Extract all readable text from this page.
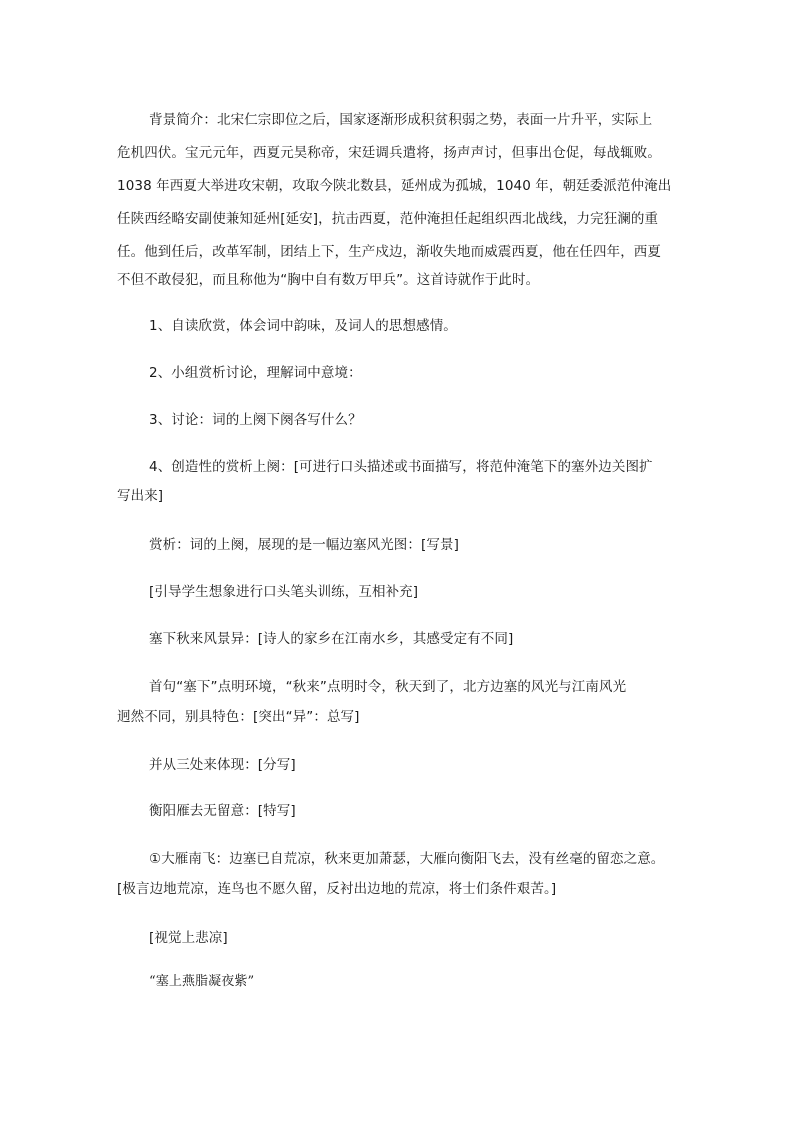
背景简介：北宋仁宗即位之后，国家逐渐形成积贫积弱之势，表面一片升平，实际上
危机四伏。宝元元年，西夏元昊称帝，宋廷调兵遣将，扬声声讨，但事出仓促，每战辄败。
1038 年西夏大举进攻宋朝，攻取今陕北数县，延州成为孤城，1040 年，朝廷委派范仲淹出
任陕西经略安副使兼知延州[延安]，抗击西夏，范仲淹担任起组织西北战线，力完狂澜的重
任。他到任后，改革军制，团结上下，生产戍边，渐收失地而威震西夏，他在任四年，西夏
不但不敢侵犯，而且称他为“胸中自有数万甲兵”。这首诗就作于此时。
1、自读欣赏，体会词中韵味，及词人的思想感情。
2、小组赏析讨论，理解词中意境：
3、讨论：词的上阕下阕各写什么？
4、创造性的赏析上阕：[可进行口头描述或书面描写，将范仲淹笔下的塞外边关图扩
写出来]
赏析：词的上阕，展现的是一幅边塞风光图：[写景]
[引导学生想象进行口头笔头训练，互相补充]
塞下秋来风景异：[诗人的家乡在江南水乡，其感受定有不同]
首句“塞下”点明环境，“秋来”点明时令，秋天到了，北方边塞的风光与江南风光
迥然不同，别具特色：[突出“异”：总写]
并从三处来体现：[分写]
衡阳雁去无留意：[特写]
①大雁南飞：边塞已自荒凉，秋来更加萧瑟，大雁向衡阳飞去，没有丝毫的留恋之意。
[极言边地荒凉，连鸟也不愿久留，反衬出边地的荒凉，将士们条件艰苦。]
[视觉上悲凉]
“塞上燕脂凝夜紫”
